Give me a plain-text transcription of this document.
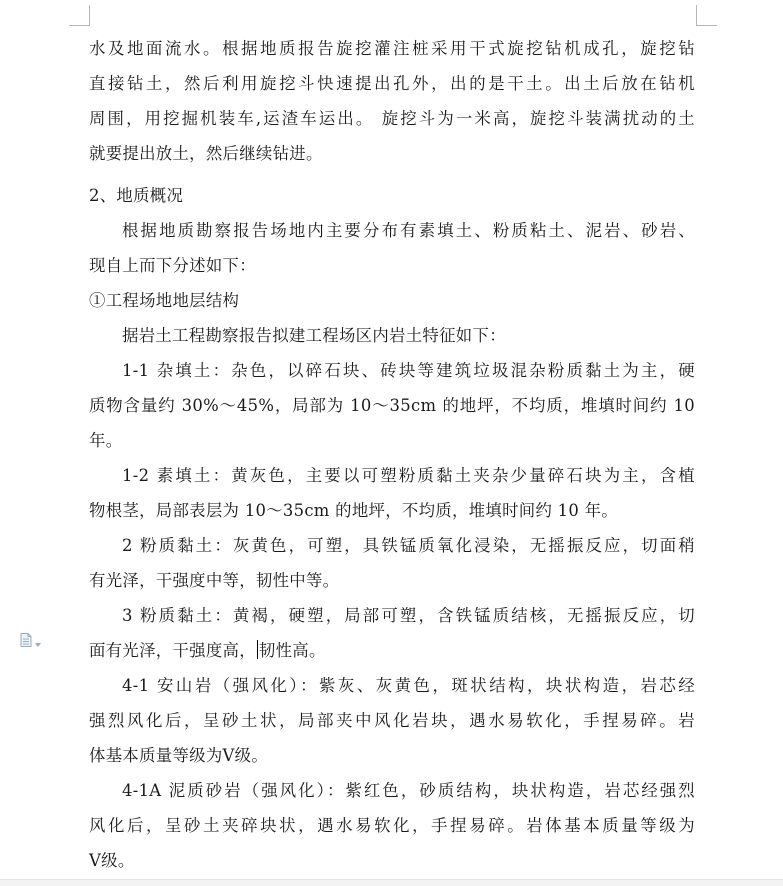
水及地面流水。根据地质报告旋挖灌注桩采用干式旋挖钻机成孔，旋挖钻
直接钻土，然后利用旋挖斗快速提出孔外，出的是干土。出土后放在钻机
周围，用挖掘机装车,运渣车运出。 旋挖斗为一米高，旋挖斗装满扰动的土
就要提出放土，然后继续钻进。

2、地质概况

根据地质勘察报告场地内主要分布有素填土、粉质粘土、泥岩、砂岩、
现自上而下分述如下：

①工程场地地层结构

据岩土工程勘察报告拟建工程场区内岩土特征如下：

1-1 杂填土：杂色，以碎石块、砖块等建筑垃圾混杂粉质黏土为主，硬
质物含量约 30%～45%，局部为 10～35cm 的地坪，不均质，堆填时间约 10
年。

1-2 素填土：黄灰色，主要以可塑粉质黏土夹杂少量碎石块为主，含植
物根茎，局部表层为 10～35cm 的地坪，不均质，堆填时间约 10 年。

2 粉质黏土：灰黄色，可塑，具铁锰质氧化浸染，无摇振反应，切面稍
有光泽，干强度中等，韧性中等。

3 粉质黏土：黄褐，硬塑，局部可塑，含铁锰质结核，无摇振反应，切
面有光泽，干强度高， 韧性高。

4-1 安山岩（强风化）：紫灰、灰黄色，斑状结构，块状构造，岩芯经
强烈风化后，呈砂土状，局部夹中风化岩块，遇水易软化，手捏易碎。岩
体基本质量等级为Ⅴ级。

4-1A 泥质砂岩（强风化）：紫红色，砂质结构，块状构造，岩芯经强烈
风化后，呈砂土夹碎块状，遇水易软化，手捏易碎。岩体基本质量等级为
Ⅴ级。
